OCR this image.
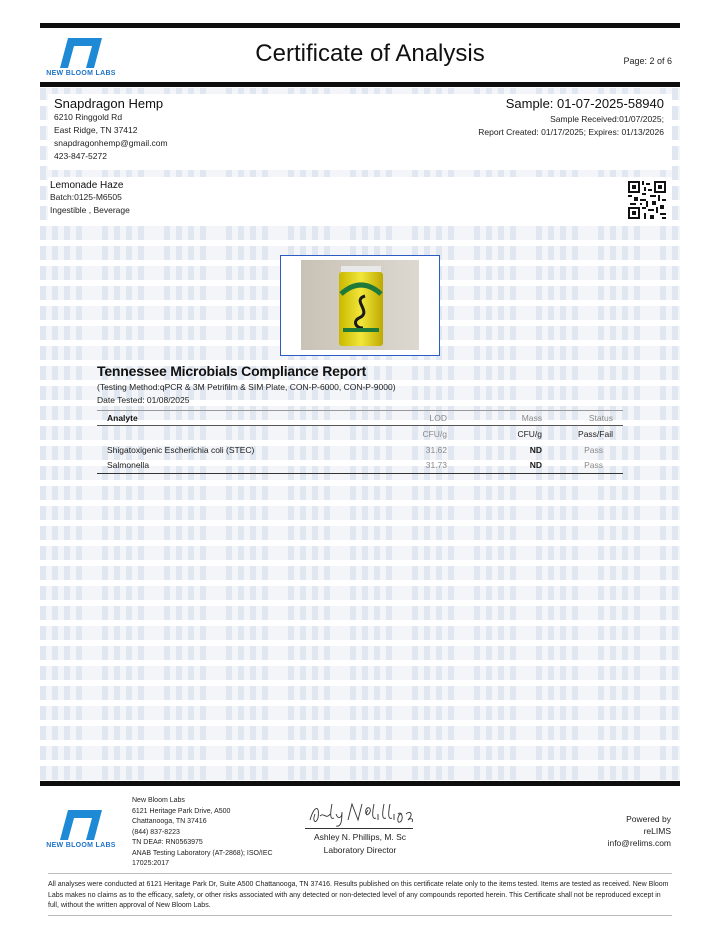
NEW BLOOM LABS
Certificate of Analysis	Page: 2 of 6
Snapdragon Hemp
6210 Ringgold Rd
East Ridge, TN 37412
snapdragonhemp@gmail.com
423-847-5272
Sample: 01-07-2025-58940
Sample Received:01/07/2025;
Report Created: 01/17/2025; Expires: 01/13/2026
Lemonade Haze
Batch:0125-M6505
Ingestible , Beverage
Tennessee Microbials Compliance Report
(Testing Method:qPCR & 3M Petrifilm & SIM Plate, CON-P-6000, CON-P-9000)
Date Tested: 01/08/2025
Analyte	LOD	Mass	Status
	CFU/g	CFU/g	Pass/Fail
Shigatoxigenic Escherichia coli (STEC)	31.62	ND	Pass
Salmonella	31.73	ND	Pass
NEW BLOOM LABS
New Bloom Labs
6121 Heritage Park Drive, A500
Chattanooga, TN 37416
(844) 837-8223
TN DEA#: RN0563975
ANAB Testing Laboratory (AT-2868); ISO/IEC
17025:2017
Ashley N. Phillips, M. Sc
Laboratory Director
Powered by
reLIMS
info@relims.com
All analyses were conducted at 6121 Heritage Park Dr, Suite A500 Chattanooga, TN 37416. Results published on this certificate relate only to the items tested. Items are tested as received. New Bloom Labs makes no claims as to the efficacy, safety, or other risks associated with any detected or non-detected level of any compounds reported herein. This Certificate shall not be reproduced except in full, without the written approval of New Bloom Labs.
